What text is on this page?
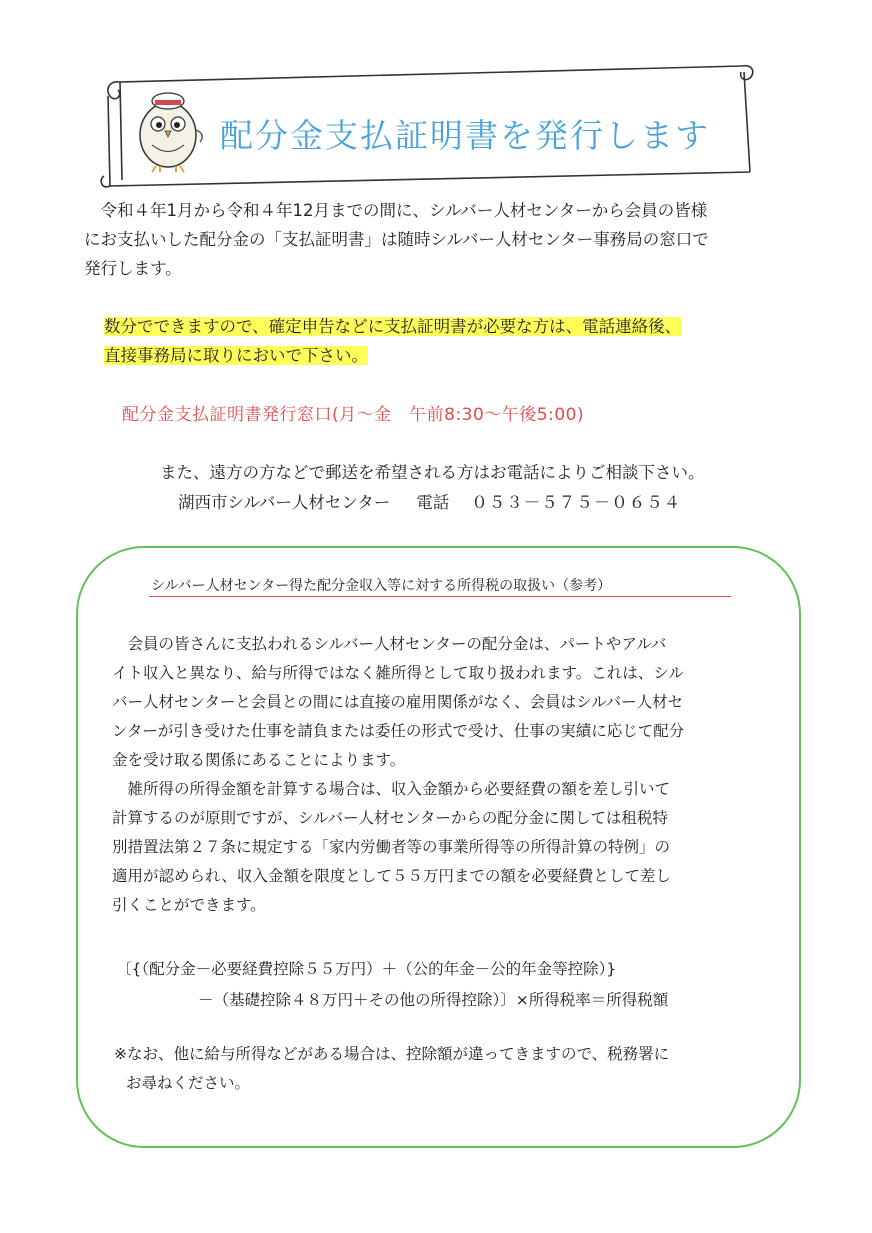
配分金支払証明書を発行します
　令和４年1月から令和４年12月までの間に、シルバー人材センターから会員の皆様
にお支払いした配分金の「支払証明書」は随時シルバー人材センター事務局の窓口で
発行します。
数分でできますので、確定申告などに支払証明書が必要な方は、電話連絡後、
直接事務局に取りにおいで下さい。
配分金支払証明書発行窓口(月～金　午前8:30～午後5:00)
また、遠方の方などで郵送を希望される方はお電話によりご相談下さい。
湖西市シルバー人材センター 電話 ０５３－５７５－０６５４
シルバー人材センター得た配分金収入等に対する所得税の取扱い（参考）
　会員の皆さんに支払われるシルバー人材センターの配分金は、パートやアルバ
イト収入と異なり、給与所得ではなく雑所得として取り扱われます。これは、シル
バー人材センターと会員との間には直接の雇用関係がなく、会員はシルバー人材セ
ンターが引き受けた仕事を請負または委任の形式で受け、仕事の実績に応じて配分
金を受け取る関係にあることによります。
　雑所得の所得金額を計算する場合は、収入金額から必要経費の額を差し引いて
計算するのが原則ですが、シルバー人材センターからの配分金に関しては租税特
別措置法第２７条に規定する「家内労働者等の事業所得等の所得計算の特例」の
適用が認められ、収入金額を限度として５５万円までの額を必要経費として差し
引くことができます。
〔{（配分金－必要経費控除５５万円）＋（公的年金－公的年金等控除）}
－（基礎控除４８万円＋その他の所得控除）〕×所得税率＝所得税額
※なお、他に給与所得などがある場合は、控除額が違ってきますので、税務署に
お尋ねください。
